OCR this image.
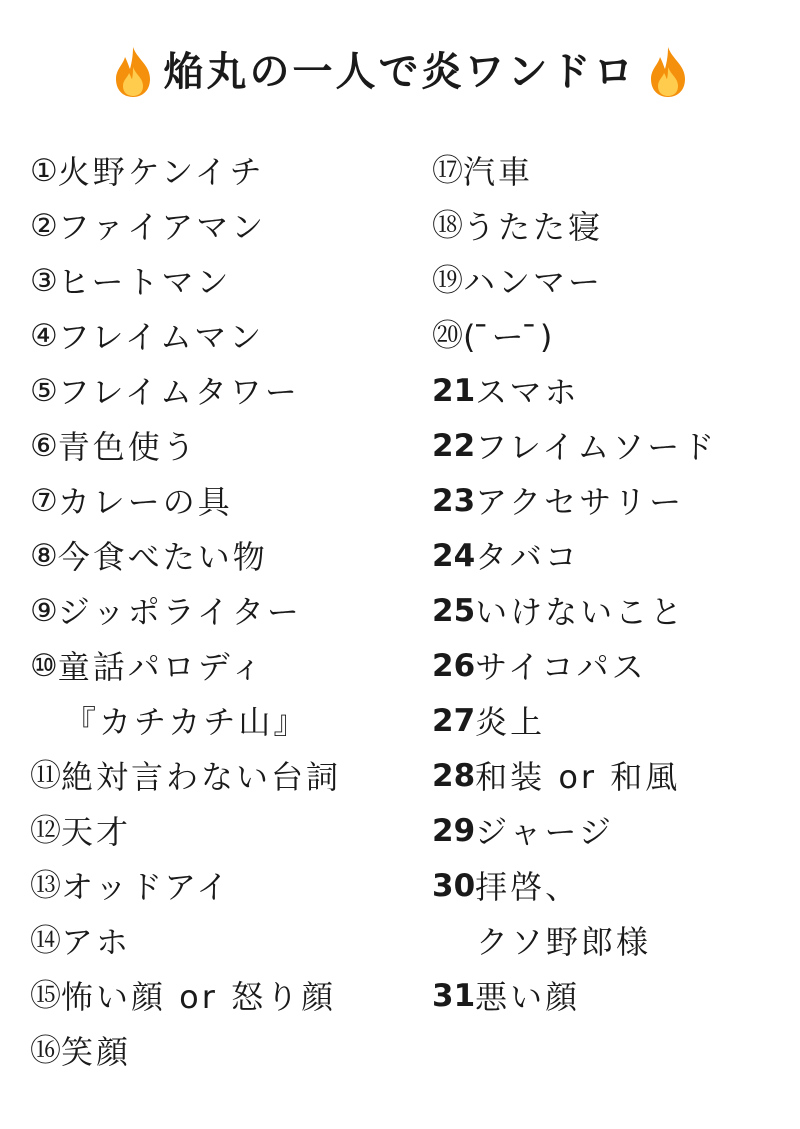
焔丸の一人で炎ワンドロ
① 火野ケンイチ
② ファイアマン
③ ヒートマン
④ フレイムマン
⑤ フレイムタワー
⑥ 青色使う
⑦ カレーの具
⑧ 今食べたい物
⑨ ジッポライター
⑩ 童話パロディ
『カチカチ山』
⑪ 絶対言わない台詞
⑫ 天才
⑬ オッドアイ
⑭ アホ
⑮ 怖い顔 or 怒り顔
⑯ 笑顔
⑰ 汽車
⑱ うたた寝
⑲ ハンマー
⑳ ( ̄ー ̄)
21 スマホ
22 フレイムソード
23 アクセサリー
24 タバコ
25 いけないこと
26 サイコパス
27 炎上
28 和装 or 和風
29 ジャージ
30 拝啓、
クソ野郎様
31 悪い顔
